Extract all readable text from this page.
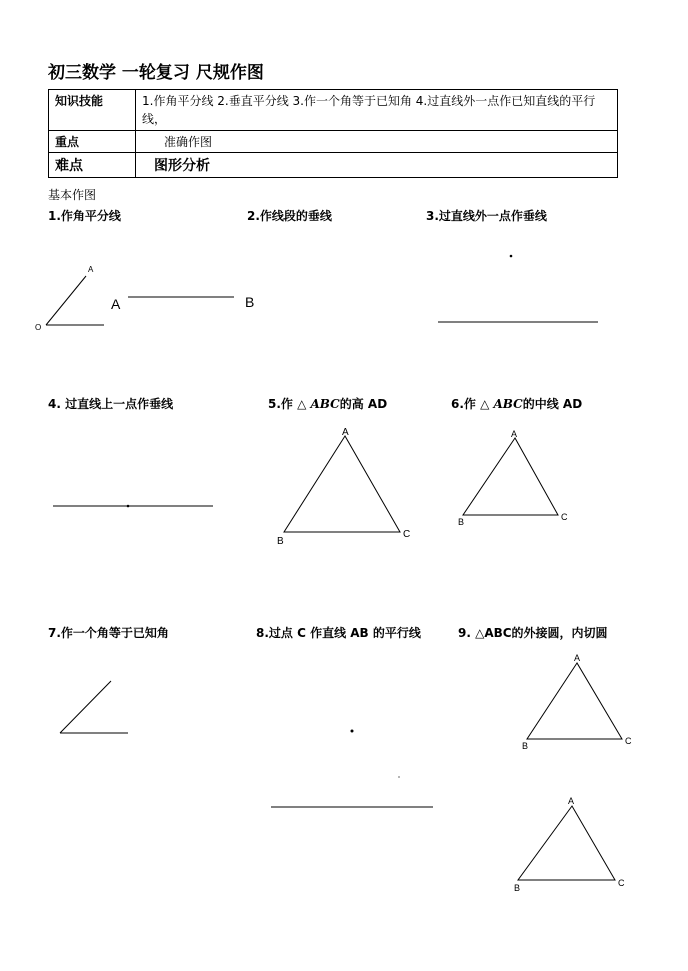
初三数学 一轮复习 尺规作图
知识技能	1.作角平分线 2.垂直平分线 3.作一个角等于已知角 4.过直线外一点作已知直线的平行线，
重点	准确作图
难点	图形分析
基本作图
1.作角平分线	2.作线段的垂线	3.过直线外一点作垂线
4. 过直线上一点作垂线	5.作 △ ABC的高 AD	6.作 △ ABC的中线 AD
7.作一个角等于已知角	8.过点 C 作直线 AB 的平行线	9. △ABC的外接圆，内切圆
A
O
A	B
A
B
C
A
B	C
A
B	C
A
B	C
